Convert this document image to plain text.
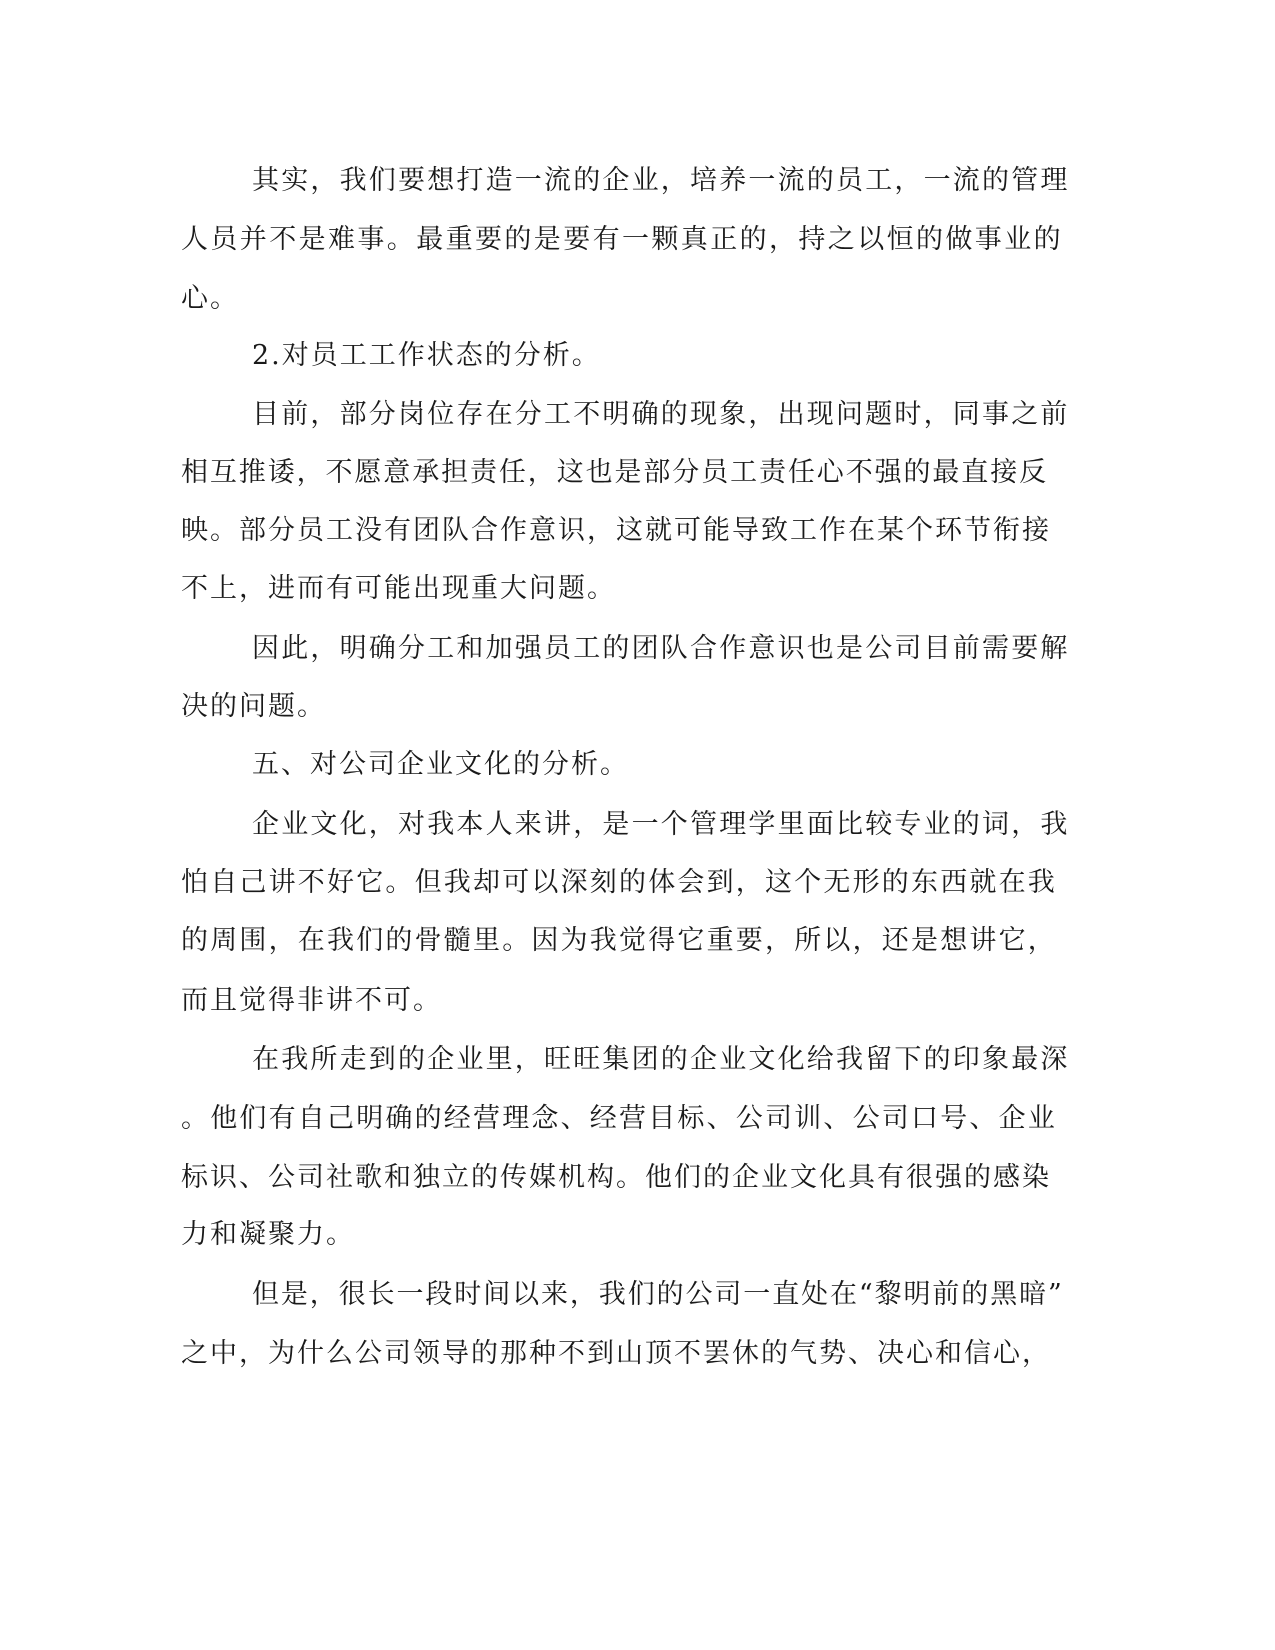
其实，我们要想打造一流的企业，培养一流的员工，一流的管理
人员并不是难事。最重要的是要有一颗真正的，持之以恒的做事业的
心。
2.对员工工作状态的分析。
目前，部分岗位存在分工不明确的现象，出现问题时，同事之前
相互推诿，不愿意承担责任，这也是部分员工责任心不强的最直接反
映。部分员工没有团队合作意识，这就可能导致工作在某个环节衔接
不上，进而有可能出现重大问题。
因此，明确分工和加强员工的团队合作意识也是公司目前需要解
决的问题。
五、对公司企业文化的分析。
企业文化，对我本人来讲，是一个管理学里面比较专业的词，我
怕自己讲不好它。但我却可以深刻的体会到，这个无形的东西就在我
的周围，在我们的骨髓里。因为我觉得它重要，所以，还是想讲它，
而且觉得非讲不可。
在我所走到的企业里，旺旺集团的企业文化给我留下的印象最深
。他们有自己明确的经营理念、经营目标、公司训、公司口号、企业
标识、公司社歌和独立的传媒机构。他们的企业文化具有很强的感染
力和凝聚力。
但是，很长一段时间以来，我们的公司一直处在“黎明前的黑暗”
之中，为什么公司领导的那种不到山顶不罢休的气势、决心和信心，
